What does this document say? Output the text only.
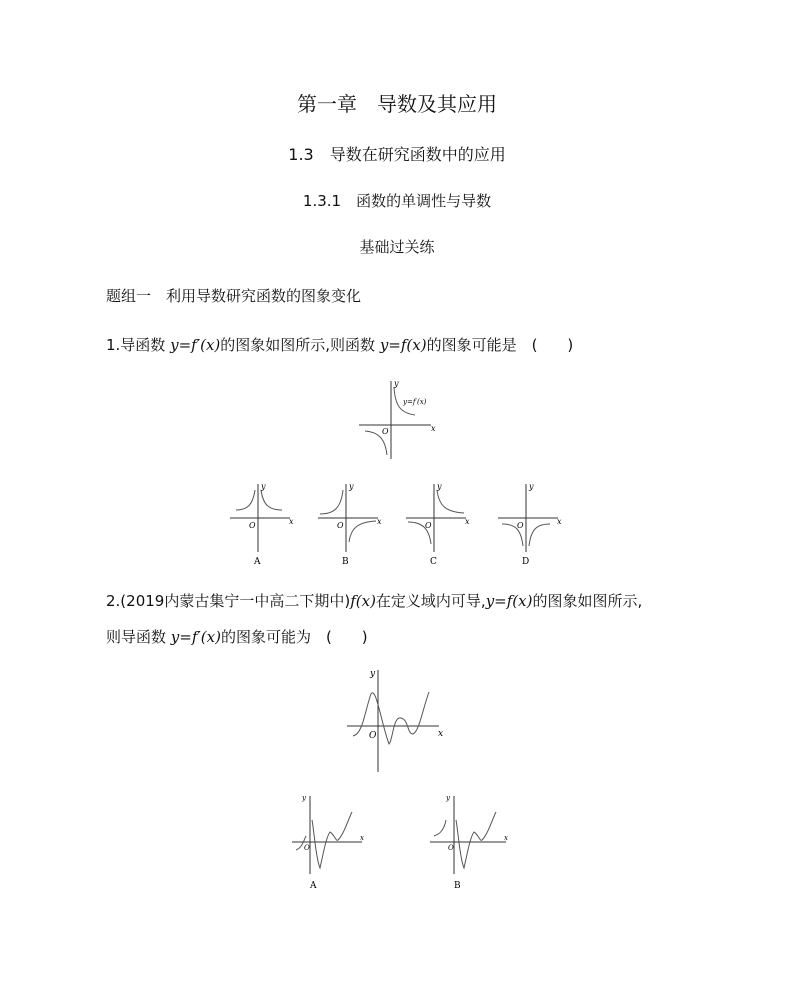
第一章　导数及其应用
1.3　导数在研究函数中的应用
1.3.1　函数的单调性与导数
基础过关练
题组一　利用导数研究函数的图象变化
1.导函数 y=f′(x)的图象如图所示,则函数 y=f(x)的图象可能是　(　　)
y
x
O
y=f′(x)
y
x
O
A
y
x
O
B
y
x
O
C
y
x
O
D
2.(2019内蒙古集宁一中高二下期中)f(x)在定义域内可导,y=f(x)的图象如图所示,
则导函数 y=f′(x)的图象可能为　(　　)
y
x
O
y
x
O
A
y
x
O
B
